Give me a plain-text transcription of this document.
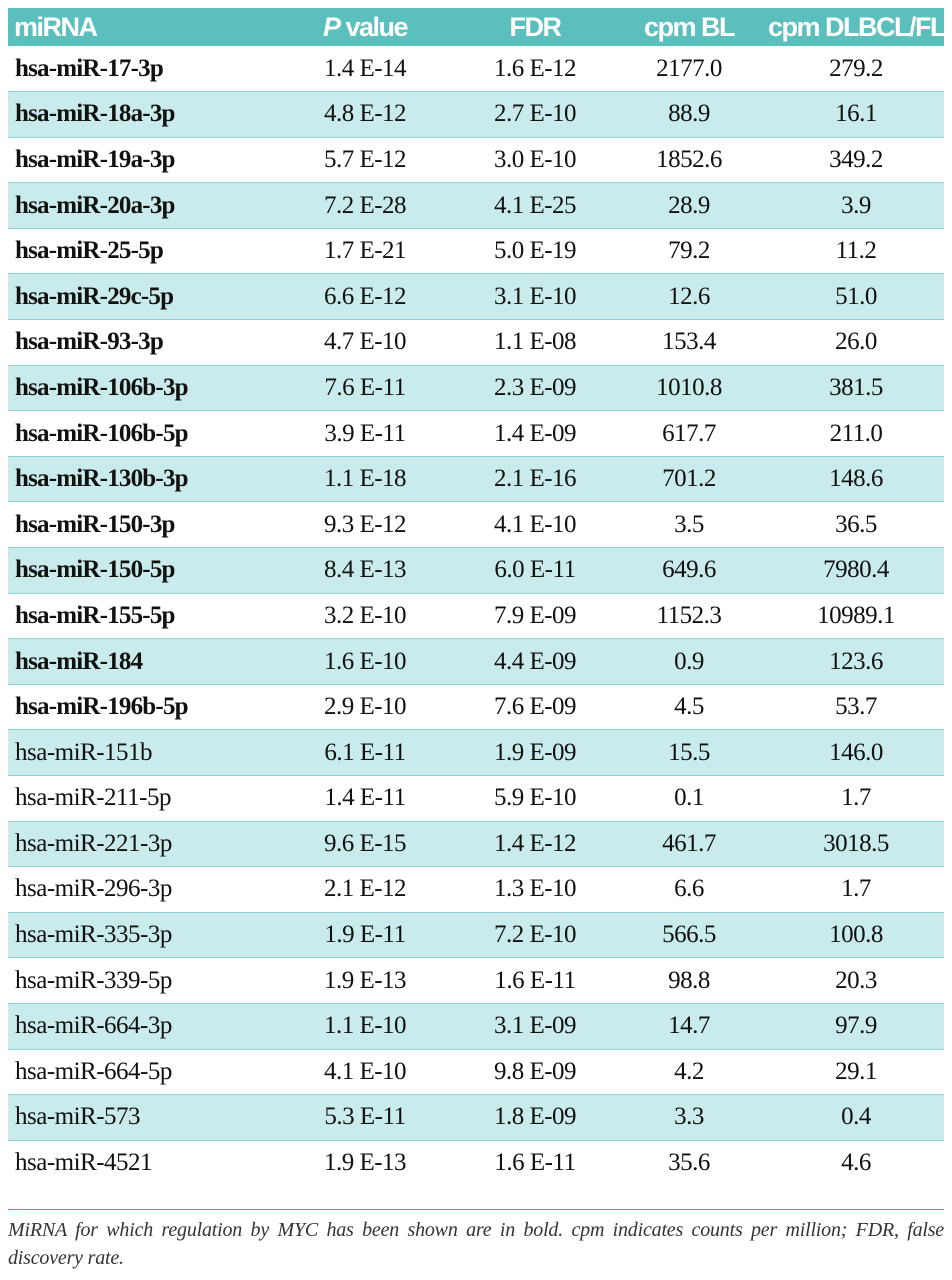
miRNA	P value	FDR	cpm BL	cpm DLBCL/FL
hsa-miR-17-3p	1.4 E-14	1.6 E-12	2177.0	279.2
hsa-miR-18a-3p	4.8 E-12	2.7 E-10	88.9	16.1
hsa-miR-19a-3p	5.7 E-12	3.0 E-10	1852.6	349.2
hsa-miR-20a-3p	7.2 E-28	4.1 E-25	28.9	3.9
hsa-miR-25-5p	1.7 E-21	5.0 E-19	79.2	11.2
hsa-miR-29c-5p	6.6 E-12	3.1 E-10	12.6	51.0
hsa-miR-93-3p	4.7 E-10	1.1 E-08	153.4	26.0
hsa-miR-106b-3p	7.6 E-11	2.3 E-09	1010.8	381.5
hsa-miR-106b-5p	3.9 E-11	1.4 E-09	617.7	211.0
hsa-miR-130b-3p	1.1 E-18	2.1 E-16	701.2	148.6
hsa-miR-150-3p	9.3 E-12	4.1 E-10	3.5	36.5
hsa-miR-150-5p	8.4 E-13	6.0 E-11	649.6	7980.4
hsa-miR-155-5p	3.2 E-10	7.9 E-09	1152.3	10989.1
hsa-miR-184	1.6 E-10	4.4 E-09	0.9	123.6
hsa-miR-196b-5p	2.9 E-10	7.6 E-09	4.5	53.7
hsa-miR-151b	6.1 E-11	1.9 E-09	15.5	146.0
hsa-miR-211-5p	1.4 E-11	5.9 E-10	0.1	1.7
hsa-miR-221-3p	9.6 E-15	1.4 E-12	461.7	3018.5
hsa-miR-296-3p	2.1 E-12	1.3 E-10	6.6	1.7
hsa-miR-335-3p	1.9 E-11	7.2 E-10	566.5	100.8
hsa-miR-339-5p	1.9 E-13	1.6 E-11	98.8	20.3
hsa-miR-664-3p	1.1 E-10	3.1 E-09	14.7	97.9
hsa-miR-664-5p	4.1 E-10	9.8 E-09	4.2	29.1
hsa-miR-573	5.3 E-11	1.8 E-09	3.3	0.4
hsa-miR-4521	1.9 E-13	1.6 E-11	35.6	4.6
MiRNA for which regulation by MYC has been shown are in bold. cpm indicates counts per million; FDR, false discovery rate.
